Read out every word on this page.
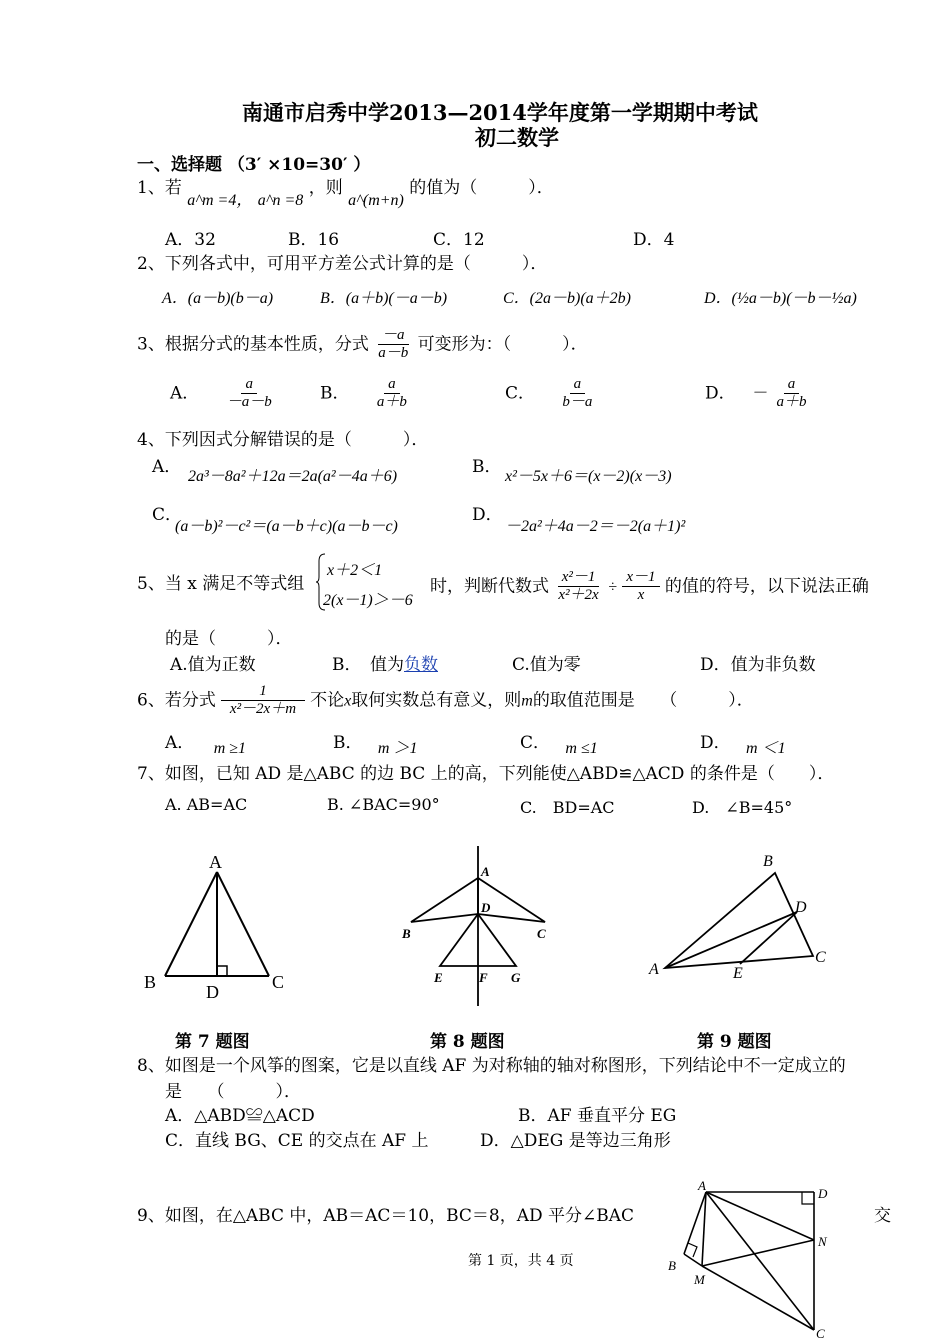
南通市启秀中学2013—2014学年度第一学期期中考试
初二数学
一、选择题 （3′ ×10=30′ ）
1、若 a^m =4， a^n =8 ，则 a^(m+n) 的值为（　　　）．
A．32	B．16	C．12	D．4
2、下列各式中，可用平方差公式计算的是（　　　）．
A．(a－b)(b－a)	B．(a＋b)(－a－b)	C．(2a－b)(a＋2b)	D．(½a－b)(－b－½a)
3、根据分式的基本性质，分式 $\frac{-a}{a-b}$ 可变形为：（　　　）．
A． $\frac{a}{-a-b}$	B． $\frac{a}{a+b}$	C． $\frac{a}{b-a}$	D． － $\frac{a}{a+b}$
4、下列因式分解错误的是（　　　）．
A． 2a³－8a²＋12a＝2a(a²－4a＋6)	B． x²－5x＋6＝(x－2)(x－3)
C．
(a－b)²－c²＝(a－b＋c)(a－b－c)
D．
－2a²＋4a－2＝－2(a＋1)²
5、当 x 满足不等式组
x＋2＜1
2(x－1)＞－6
时，判断代数式 $\frac{\text{x²－1}}{\text{x²＋2x}} \div \frac{x-1}{x}$ 的值的符号，以下说法正确
的是（　　　）．
A.值为正数	B．　值为负数	C.值为零	D．值为非负数
6、若分式 $\frac{1}{\text{x²－2x＋m}}$ 不论x取何实数总有意义，则m的取值范围是　　（　　　）．
A． m ≥1	B． m ＞1	C． m ≤1	D． m ＜1
7、如图，已知 AD 是△ABC 的边 BC 上的高，下列能使△ABD≌△ACD 的条件是（　　）．
A. AB=AC	B. ∠BAC=90°	C.　BD=AC	D.　∠B=45°
A
B	C
D
A
B	C
D
E	F G
B
D
C
A	E
第 7 题图	第 8 题图	第 9 题图
8、如图是一个风筝的图案，它是以直线 AF 为对称轴的轴对称图形，下列结论中不一定成立的
是　　（　　　）．
A．△ABD≌△ACD	B．AF 垂直平分 EG
C．直线 BG、CE 的交点在 AF 上	D．△DEG 是等边三角形
9、如图，在△ABC 中，AB＝AC＝10，BC＝8，AD 平分∠BAC	交
A
D
N
B
M
C
第 1 页，共 4 页
